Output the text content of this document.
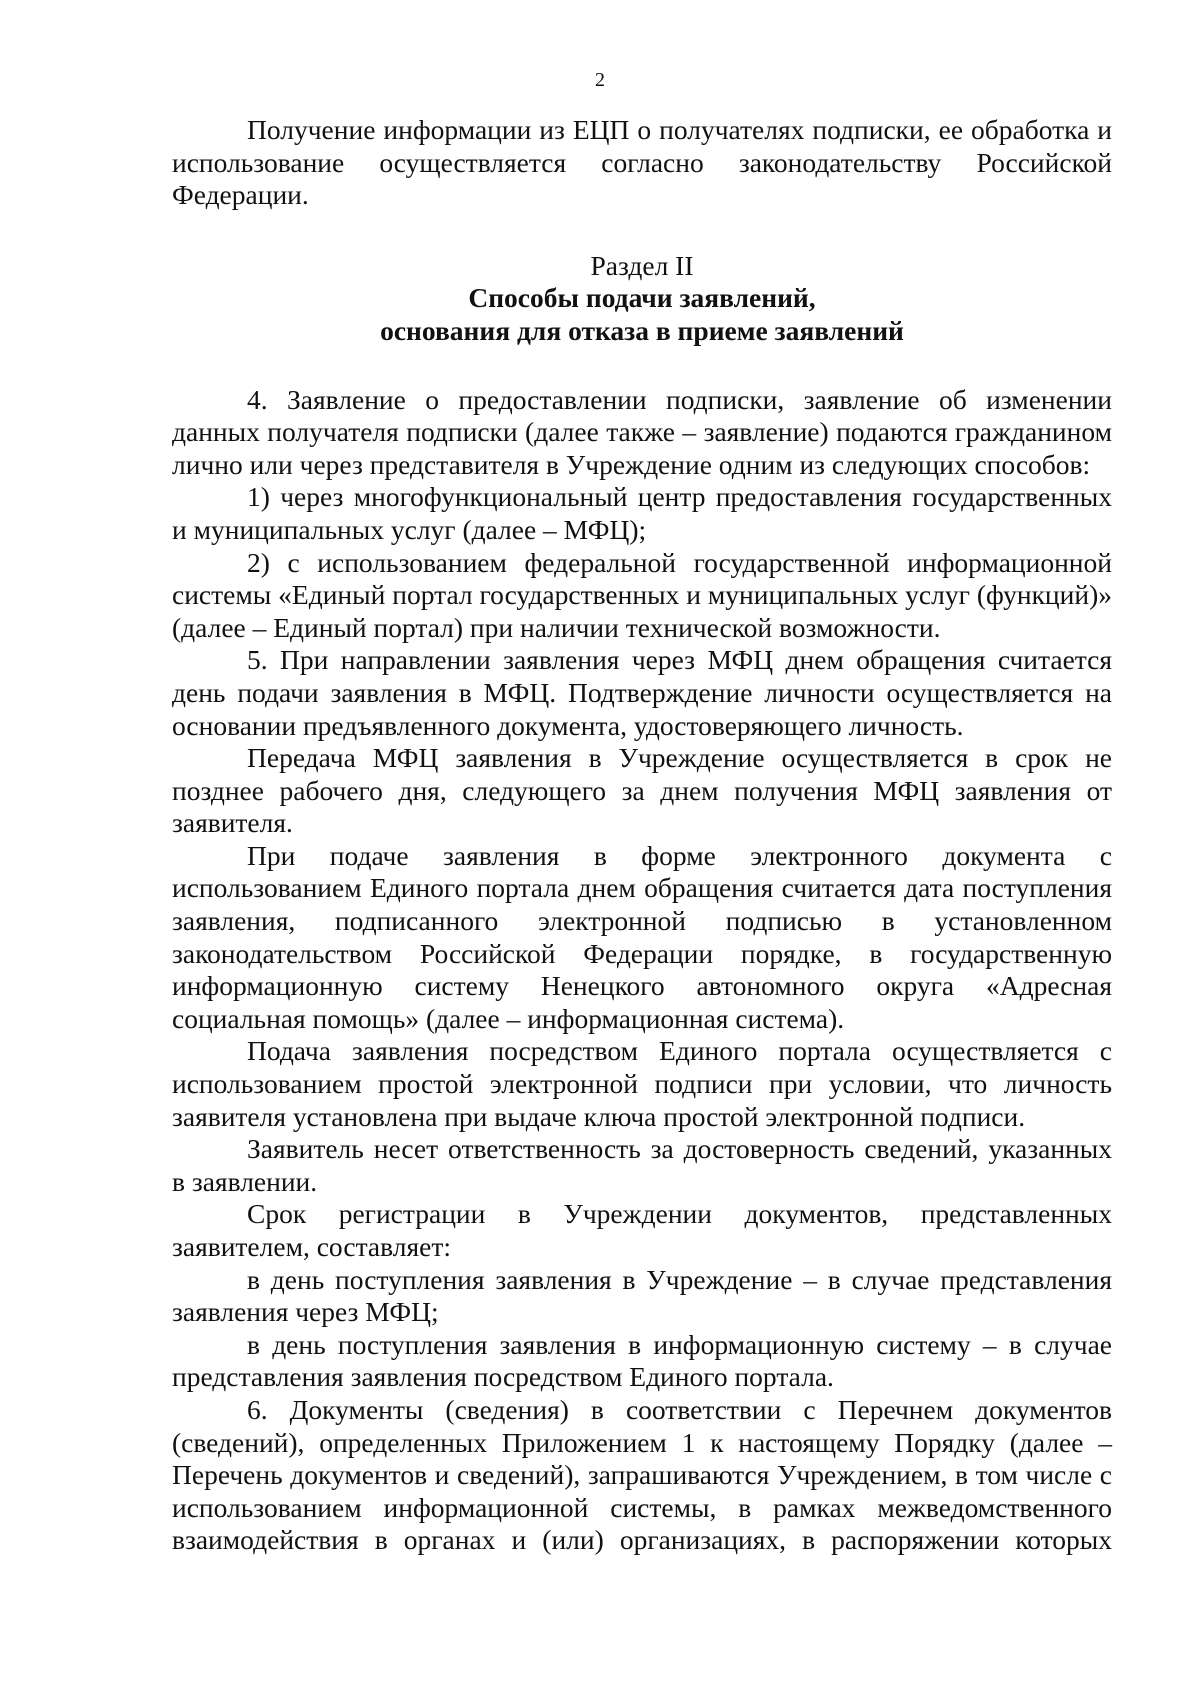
2

Получение информации из ЕЦП о получателях подписки, ее обработка и использование осуществляется согласно законодательству Российской Федерации.

Раздел II
Способы подачи заявлений,
основания для отказа в приеме заявлений

4. Заявление о предоставлении подписки, заявление об изменении данных получателя подписки (далее также – заявление) подаются гражданином лично или через представителя в Учреждение одним из следующих способов:

1) через многофункциональный центр предоставления государственных и муниципальных услуг (далее – МФЦ);

2) с использованием федеральной государственной информационной системы «Единый портал государственных и муниципальных услуг (функций)» (далее – Единый портал) при наличии технической возможности.

5. При направлении заявления через МФЦ днем обращения считается день подачи заявления в МФЦ. Подтверждение личности осуществляется на основании предъявленного документа, удостоверяющего личность.

Передача МФЦ заявления в Учреждение осуществляется в срок не позднее рабочего дня, следующего за днем получения МФЦ заявления от заявителя.

При подаче заявления в форме электронного документа с использованием Единого портала днем обращения считается дата поступления заявления, подписанного электронной подписью в установленном законодательством Российской Федерации порядке, в государственную информационную систему Ненецкого автономного округа «Адресная социальная помощь» (далее – информационная система).

Подача заявления посредством Единого портала осуществляется с использованием простой электронной подписи при условии, что личность заявителя установлена при выдаче ключа простой электронной подписи.

Заявитель несет ответственность за достоверность сведений, указанных в заявлении.

Срок регистрации в Учреждении документов, представленных заявителем, составляет:

в день поступления заявления в Учреждение – в случае представления заявления через МФЦ;

в день поступления заявления в информационную систему – в случае представления заявления посредством Единого портала.

6. Документы (сведения) в соответствии с Перечнем документов (сведений), определенных Приложением 1 к настоящему Порядку (далее – Перечень документов и сведений), запрашиваются Учреждением, в том числе с использованием информационной системы, в рамках межведомственного взаимодействия в органах и (или) организациях, в распоряжении которых
